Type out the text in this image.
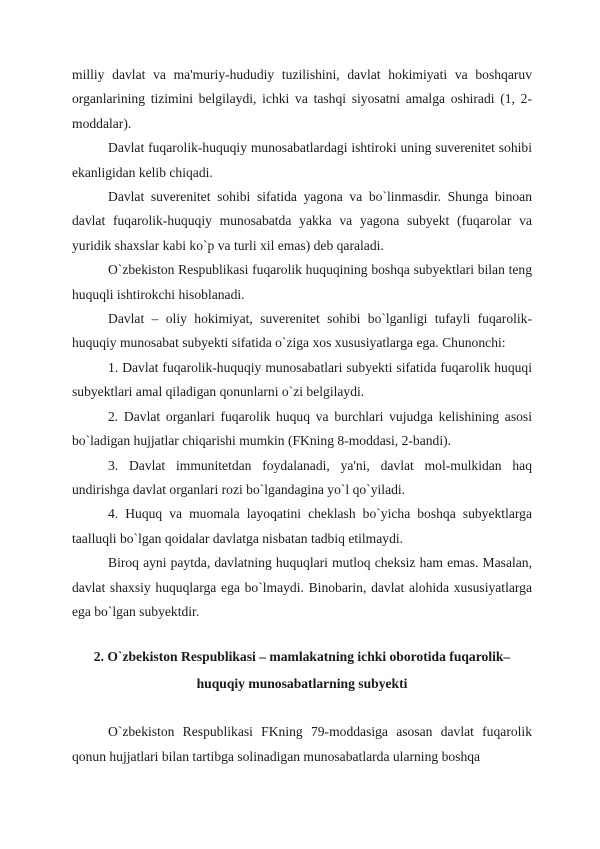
milliy davlat va ma'muriy-hududiy tuzilishini, davlat hokimiyati va boshqaruv organlarining tizimini belgilaydi, ichki va tashqi siyosatni amalga oshiradi (1, 2-moddalar).

Davlat fuqarolik-huquqiy munosabatlardagi ishtiroki uning suverenitet sohibi ekanligidan kelib chiqadi.

Davlat suverenitet sohibi sifatida yagona va bo`linmasdir. Shunga binoan davlat fuqarolik-huquqiy munosabatda yakka va yagona subyekt (fuqarolar va yuridik shaxslar kabi ko`p va turli xil emas) deb qaraladi.

O`zbekiston Respublikasi fuqarolik huquqining boshqa subyektlari bilan teng huquqli ishtirokchi hisoblanadi.

Davlat – oliy hokimiyat, suverenitet sohibi bo`lganligi tufayli fuqarolik-huquqiy munosabat subyekti sifatida o`ziga xos xususiyatlarga ega. Chunonchi:

1. Davlat fuqarolik-huquqiy munosabatlari subyekti sifatida fuqarolik huquqi subyektlari amal qiladigan qonunlarni o`zi belgilaydi.

2. Davlat organlari fuqarolik huquq va burchlari vujudga kelishining asosi bo`ladigan hujjatlar chiqarishi mumkin (FKning 8-moddasi, 2-bandi).

3. Davlat immunitetdan foydalanadi, ya'ni, davlat mol-mulkidan haq undirishga davlat organlari rozi bo`lgandagina yo`l qo`yiladi.

4. Huquq va muomala layoqatini cheklash bo`yicha boshqa subyektlarga taalluqli bo`lgan qoidalar davlatga nisbatan tadbiq etilmaydi.

Biroq ayni paytda, davlatning huquqlari mutloq cheksiz ham emas. Masalan, davlat shaxsiy huquqlarga ega bo`lmaydi. Binobarin, davlat alohida xususiyatlarga ega bo`lgan subyektdir.

2. O`zbekiston Respublikasi – mamlakatning ichki oborotida fuqarolik–
huquqiy munosabatlarning subyekti

O`zbekiston Respublikasi FKning 79-moddasiga asosan davlat fuqarolik qonun hujjatlari bilan tartibga solinadigan munosabatlarda ularning boshqa
